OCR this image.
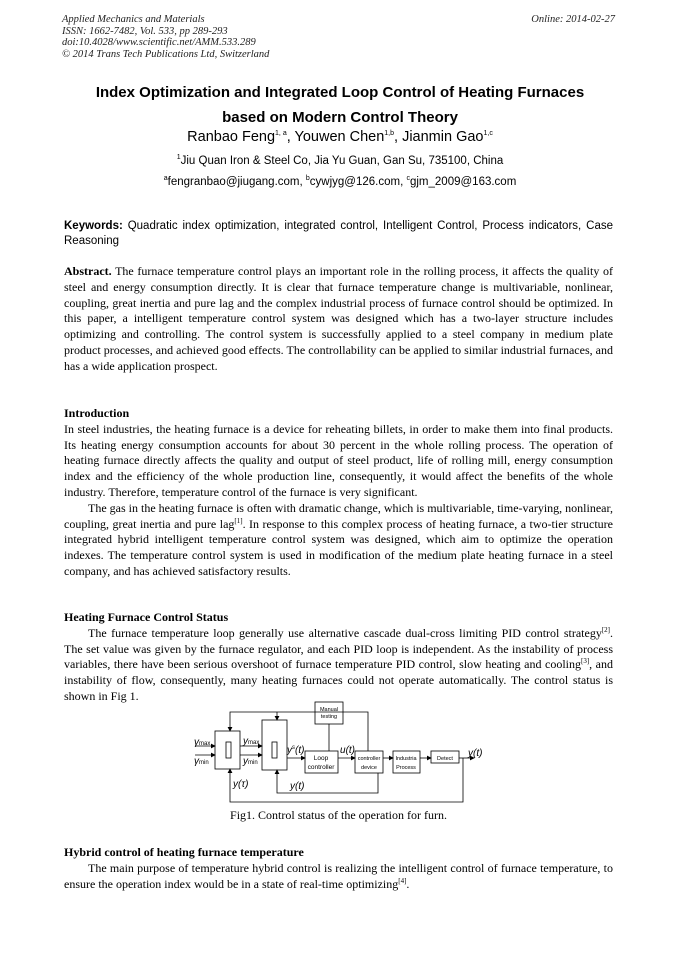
Applied Mechanics and Materials
ISSN: 1662-7482, Vol. 533, pp 289-293
doi:10.4028/www.scientific.net/AMM.533.289
© 2014 Trans Tech Publications Ltd, Switzerland
Online: 2014-02-27
Index Optimization and Integrated Loop Control of Heating Furnaces
based on Modern Control Theory
Ranbao Feng$^{1, a}$, Youwen Chen$^{1,b}$, Jianmin Gao$^{1,c}$
$^1$Jiu Quan Iron & Steel Co, Jia Yu Guan, Gan Su, 735100, China
$^a$fengranbao@jiugang.com, $^b$cywjyg@126.com, $^c$gjm_2009@163.com
Keywords: Quadratic index optimization, integrated control, Intelligent Control, Process indicators, Case Reasoning

Abstract. The furnace temperature control plays an important role in the rolling process, it affects the quality of steel and energy consumption directly. It is clear that furnace temperature change is multivariable, nonlinear, coupling, great inertia and pure lag and the complex industrial process of furnace control should be optimized. In this paper, a intelligent temperature control system was designed which has a two-layer structure includes optimizing and controlling. The control system is successfully applied to a steel company in medium plate product processes, and achieved good effects. The controllability can be applied to similar industrial furnaces, and has a wide application prospect.

Introduction

In steel industries, the heating furnace is a device for reheating billets, in order to make them into final products. Its heating energy consumption accounts for about 30 percent in the whole rolling process. The operation of heating furnace directly affects the quality and output of steel product, life of rolling mill, energy consumption index and the efficiency of the whole production line, consequently, it would affect the benefits of the whole industry. Therefore, temperature control of the furnace is very significant.

The gas in the heating furnace is often with dramatic change, which is multivariable, time-varying, nonlinear, coupling, great inertia and pure lag[1]. In response to this complex process of heating furnace, a two-tier structure integrated hybrid intelligent temperature control system was designed, which aim to optimize the operation indexes. The temperature control system is used in modification of the medium plate heating furnace in a steel company, and has achieved satisfactory results.

Heating Furnace Control Status

The furnace temperature loop generally use alternative cascade dual-cross limiting PID control strategy[2]. The set value was given by the furnace regulator, and each PID loop is independent. As the instability of process variables, there have been serious overshoot of furnace temperature PID control, slow heating and cooling[3], and instability of flow, consequently, many heating furnaces could not operate automatically. The control status is shown in Fig 1.

Manual
testing
Loop
controller
controller
device
Industria
Process
Detect
γmax
γmin
ymax
ymin
$y^s(t)$	u(t)	y(t)
y(τ)	y(t)
Fig1. Control status of the operation for furn.

Hybrid control of heating furnace temperature

The main purpose of temperature hybrid control is realizing the intelligent control of furnace temperature, to ensure the operation index would be in a state of real-time optimizing[4].
